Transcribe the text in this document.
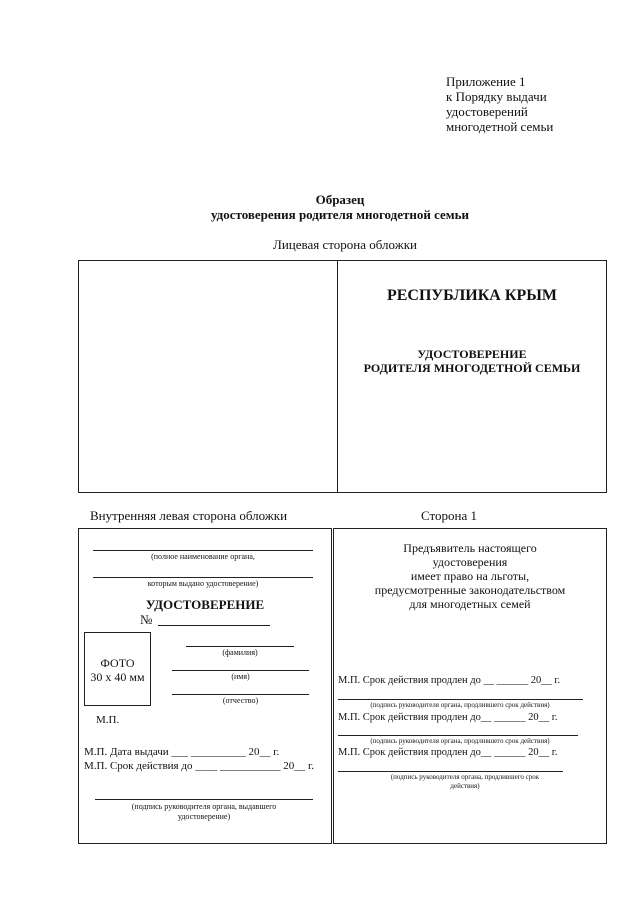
Приложение 1
к Порядку выдачи
удостоверений
многодетной семьи
Образец
удостоверения родителя многодетной семьи
Лицевая сторона обложки
РЕСПУБЛИКА КРЫМ
УДОСТОВЕРЕНИЕ
РОДИТЕЛЯ МНОГОДЕТНОЙ СЕМЬИ
Внутренняя левая сторона обложки	Сторона 1
(полное наименование органа,
которым выдано удостоверение)
УДОСТОВЕРЕНИЕ
№
ФОТО
30 х 40 мм
(фамилия)
(имя)
(отчество)
М.П.
М.П. Дата выдачи ___ __________ 20__ г.
М.П. Срок действия до ____ ___________ 20__ г.
(подпись руководителя органа, выдавшего
удостоверение)
Предъявитель настоящего
удостоверения
имеет право на льготы,
предусмотренные законодательством
для многодетных семей
М.П. Срок действия продлен до __ ______ 20__ г.
(подпись руководителя органа, продлившего срок действия)
М.П. Срок действия продлен до__ ______ 20__ г.
(подпись руководителя органа, продлившего срок действия)
М.П. Срок действия продлен до__ ______ 20__ г.
(подпись руководителя органа, продлившего срок
действия)
